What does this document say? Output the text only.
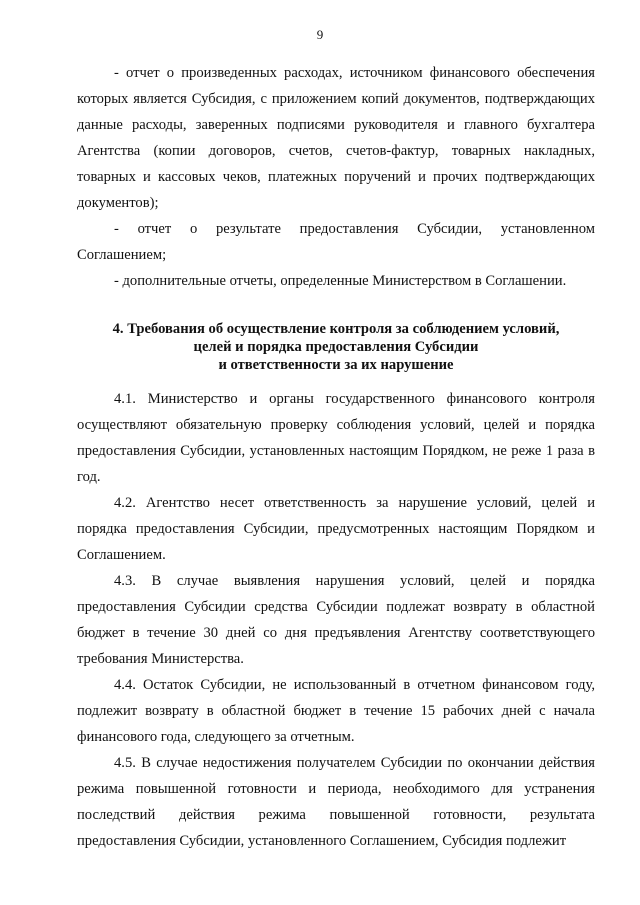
9

- отчет о произведенных расходах, источником финансового обеспечения которых является Субсидия, с приложением копий документов, подтверждающих данные расходы, заверенных подписями руководителя и главного бухгалтера Агентства (копии договоров, счетов, счетов-фактур, товарных накладных, товарных и кассовых чеков, платежных поручений и прочих подтверждающих документов);

- отчет о результате предоставления Субсидии, установленном Соглашением;

- дополнительные отчеты, определенные Министерством в Соглашении.

4. Требования об осуществление контроля за соблюдением условий,
целей и порядка предоставления Субсидии
и ответственности за их нарушение

4.1. Министерство и органы государственного финансового контроля осуществляют обязательную проверку соблюдения условий, целей и порядка предоставления Субсидии, установленных настоящим Порядком, не реже 1 раза в год.

4.2. Агентство несет ответственность за нарушение условий, целей и порядка предоставления Субсидии, предусмотренных настоящим Порядком и Соглашением.

4.3. В случае выявления нарушения условий, целей и порядка предоставления Субсидии средства Субсидии подлежат возврату в областной бюджет в течение 30 дней со дня предъявления Агентству соответствующего требования Министерства.

4.4. Остаток Субсидии, не использованный в отчетном финансовом году, подлежит возврату в областной бюджет в течение 15 рабочих дней с начала финансового года, следующего за отчетным.

4.5. В случае недостижения получателем Субсидии по окончании действия режима повышенной готовности и периода, необходимого для устранения последствий действия режима повышенной готовности, результата предоставления Субсидии, установленного Соглашением, Субсидия подлежит
